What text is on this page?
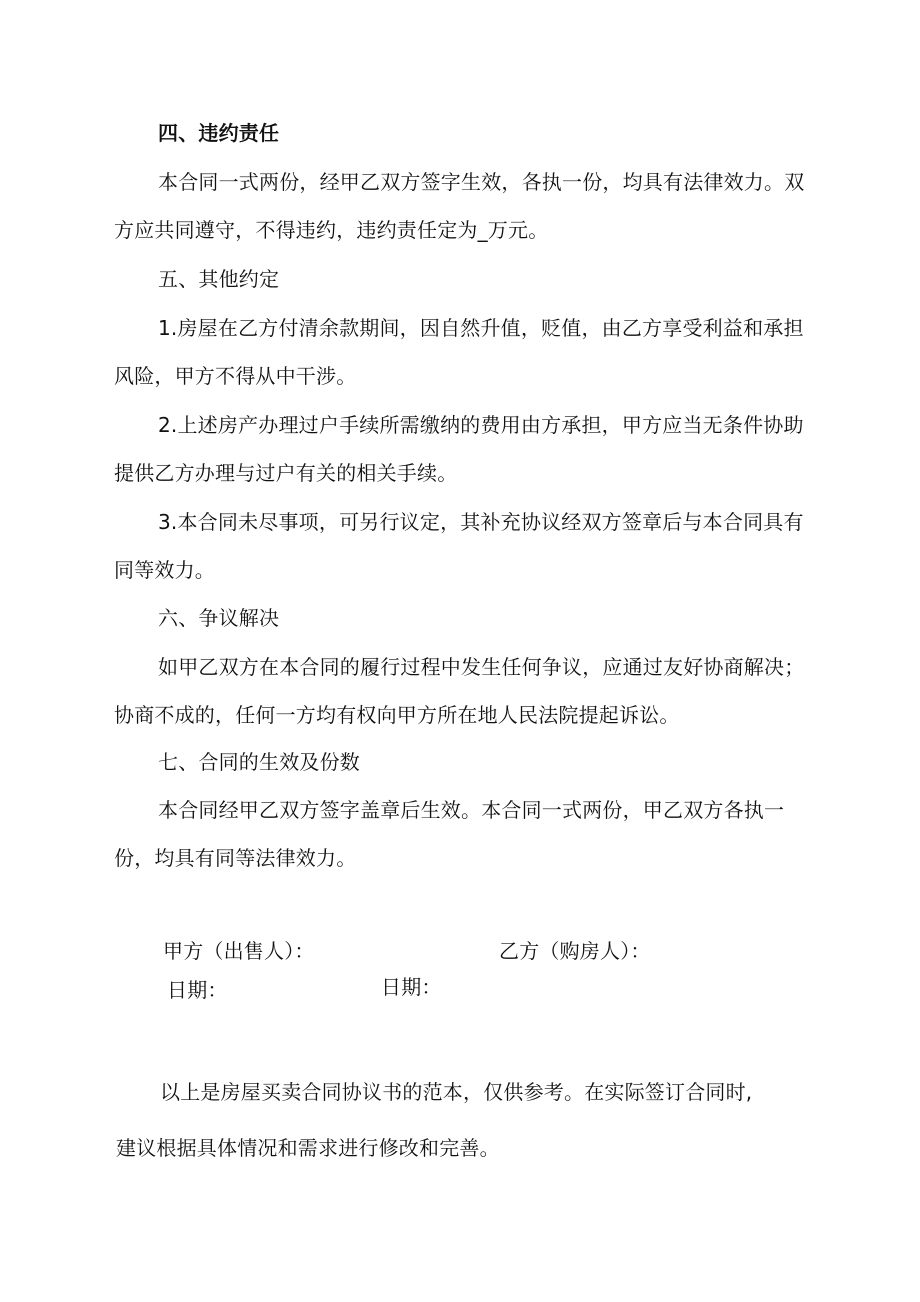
四、违约责任
本合同一式两份，经甲乙双方签字生效，各执一份，均具有法律效力。双
方应共同遵守，不得违约，违约责任定为_万元。
五、其他约定
1.房屋在乙方付清余款期间，因自然升值，贬值，由乙方享受利益和承担
风险，甲方不得从中干涉。
2.上述房产办理过户手续所需缴纳的费用由方承担，甲方应当无条件协助
提供乙方办理与过户有关的相关手续。
3.本合同未尽事项，可另行议定，其补充协议经双方签章后与本合同具有
同等效力。
六、争议解决
如甲乙双方在本合同的履行过程中发生任何争议，应通过友好协商解决；
协商不成的，任何一方均有权向甲方所在地人民法院提起诉讼。
七、合同的生效及份数
本合同经甲乙双方签字盖章后生效。本合同一式两份，甲乙双方各执一
份，均具有同等法律效力。
甲方（出售人）：	乙方（购房人）：
日期：	日期：
以上是房屋买卖合同协议书的范本，仅供参考。在实际签订合同时,
建议根据具体情况和需求进行修改和完善。
